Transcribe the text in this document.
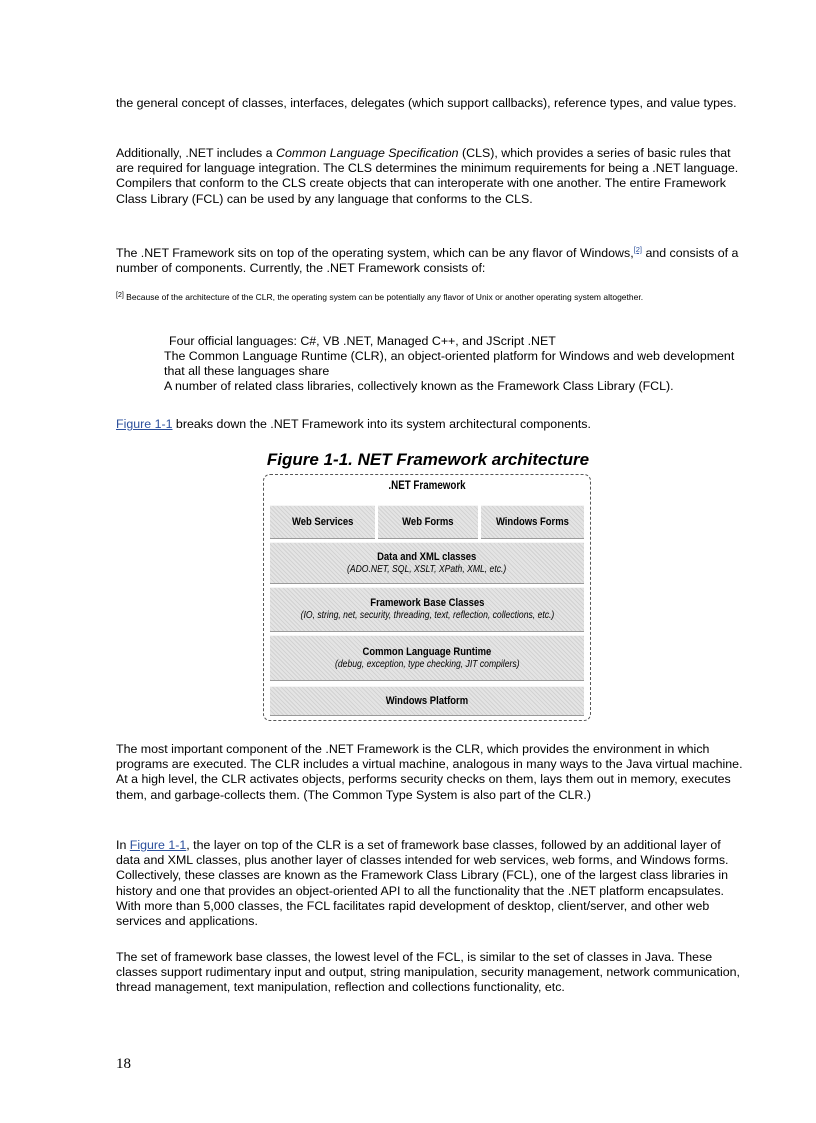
the general concept of classes, interfaces, delegates (which support callbacks), reference types, and value types.

Additionally, .NET includes a Common Language Specification (CLS), which provides a series of basic rules that are required for language integration. The CLS determines the minimum requirements for being a .NET language. Compilers that conform to the CLS create objects that can interoperate with one another. The entire Framework Class Library (FCL) can be used by any language that conforms to the CLS.

The .NET Framework sits on top of the operating system, which can be any flavor of Windows,[2] and consists of a number of components. Currently, the .NET Framework consists of:

[2] Because of the architecture of the CLR, the operating system can be potentially any flavor of Unix or another operating system altogether.
Four official languages: C#, VB .NET, Managed C++, and JScript .NET
The Common Language Runtime (CLR), an object-oriented platform for Windows and web development that all these languages share
A number of related class libraries, collectively known as the Framework Class Library (FCL).

Figure 1-1 breaks down the .NET Framework into its system architectural components.

Figure 1-1. NET Framework architecture
.NET Framework
Web Services	Web Forms	Windows Forms
Data and XML classes
(ADO.NET, SQL, XSLT, XPath, XML, etc.)
Framework Base Classes
(IO, string, net, security, threading, text, reflection, collections, etc.)
Common Language Runtime
(debug, exception, type checking, JIT compilers)
Windows Platform

The most important component of the .NET Framework is the CLR, which provides the environment in which programs are executed. The CLR includes a virtual machine, analogous in many ways to the Java virtual machine. At a high level, the CLR activates objects, performs security checks on them, lays them out in memory, executes them, and garbage-collects them. (The Common Type System is also part of the CLR.)

In Figure 1-1, the layer on top of the CLR is a set of framework base classes, followed by an additional layer of data and XML classes, plus another layer of classes intended for web services, web forms, and Windows forms. Collectively, these classes are known as the Framework Class Library (FCL), one of the largest class libraries in history and one that provides an object-oriented API to all the functionality that the .NET platform encapsulates. With more than 5,000 classes, the FCL facilitates rapid development of desktop, client/server, and other web services and applications.

The set of framework base classes, the lowest level of the FCL, is similar to the set of classes in Java. These classes support rudimentary input and output, string manipulation, security management, network communication, thread management, text manipulation, reflection and collections functionality, etc.

18
